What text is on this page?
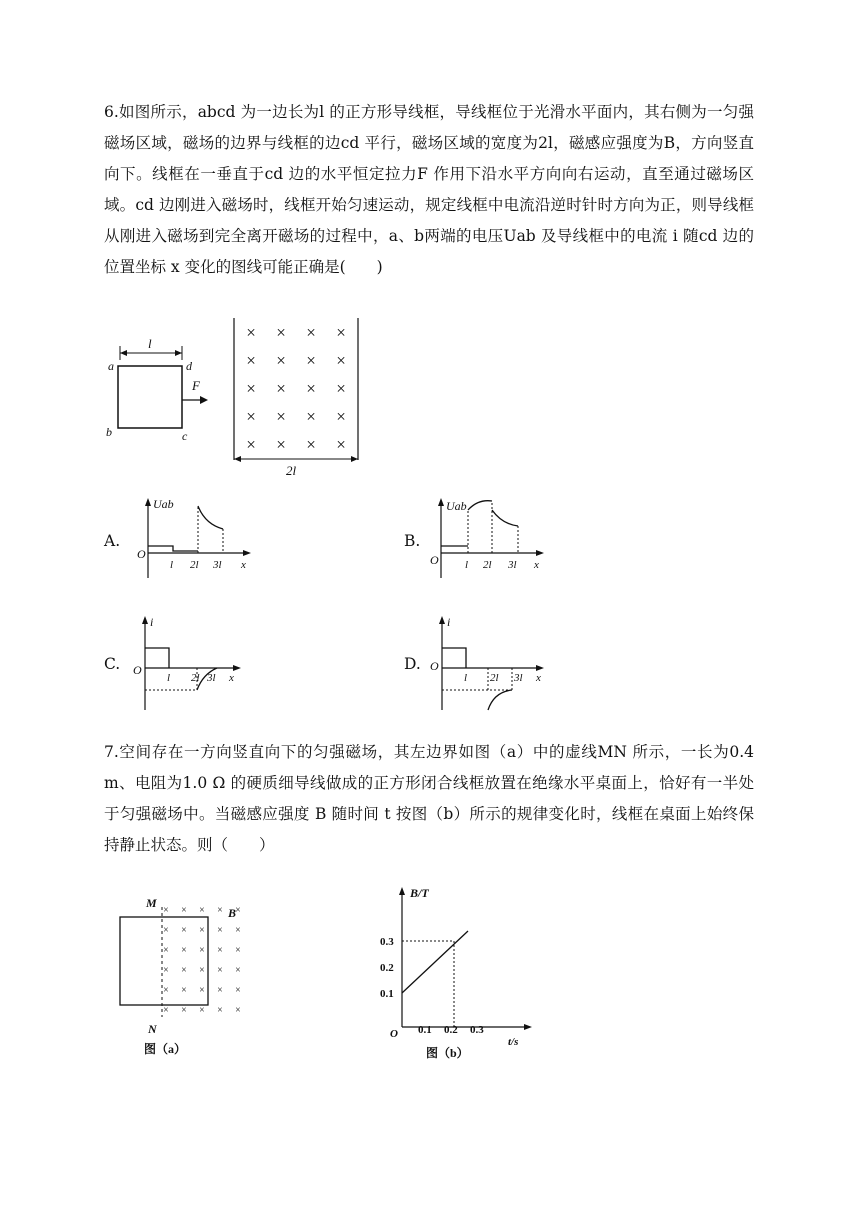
6.如图所示，abcd 为一边长为l 的正方形导线框，导线框位于光滑水平面内，其右侧为一匀强磁场区域，磁场的边界与线框的边cd 平行，磁场区域的宽度为2l，磁感应强度为B，方向竖直向下。线框在一垂直于cd 边的水平恒定拉力F 作用下沿水平方向向右运动，直至通过磁场区域。cd 边刚进入磁场时，线框开始匀速运动，规定线框中电流沿逆时针时方向为正，则导线框从刚进入磁场到完全离开磁场的过程中，a、b两端的电压Uab 及导线框中的电流 i 随cd 边的位置坐标 x 变化的图线可能正确是(　　)

l
a	d
b	c
F
× × × ×
× × × ×
× × × ×
× × × ×
× × × ×
2l
A.	B.
C.	D.
Uab
O
x
l 2l 3l
Uab
O	x
l 2l 3l
i
O
x
l 2l 3l
i
O
x
l 2l 3l

7.空间存在一方向竖直向下的匀强磁场，其左边界如图（a）中的虚线MN 所示，一长为0.4 m、电阻为1.0 Ω 的硬质细导线做成的正方形闭合线框放置在绝缘水平桌面上，恰好有一半处于匀强磁场中。当磁感应强度 B 随时间 t 按图（b）所示的规律变化时，线框在桌面上始终保持静止状态。则（　　）

M
N
B
× × × × ×
× × × × ×
× × × × ×
× × × × ×
× × × × ×
× × × × ×
图（a）
B/T
t/s
O
0.1
0.2
0.3
0.1 0.2 0.3
图（b）
